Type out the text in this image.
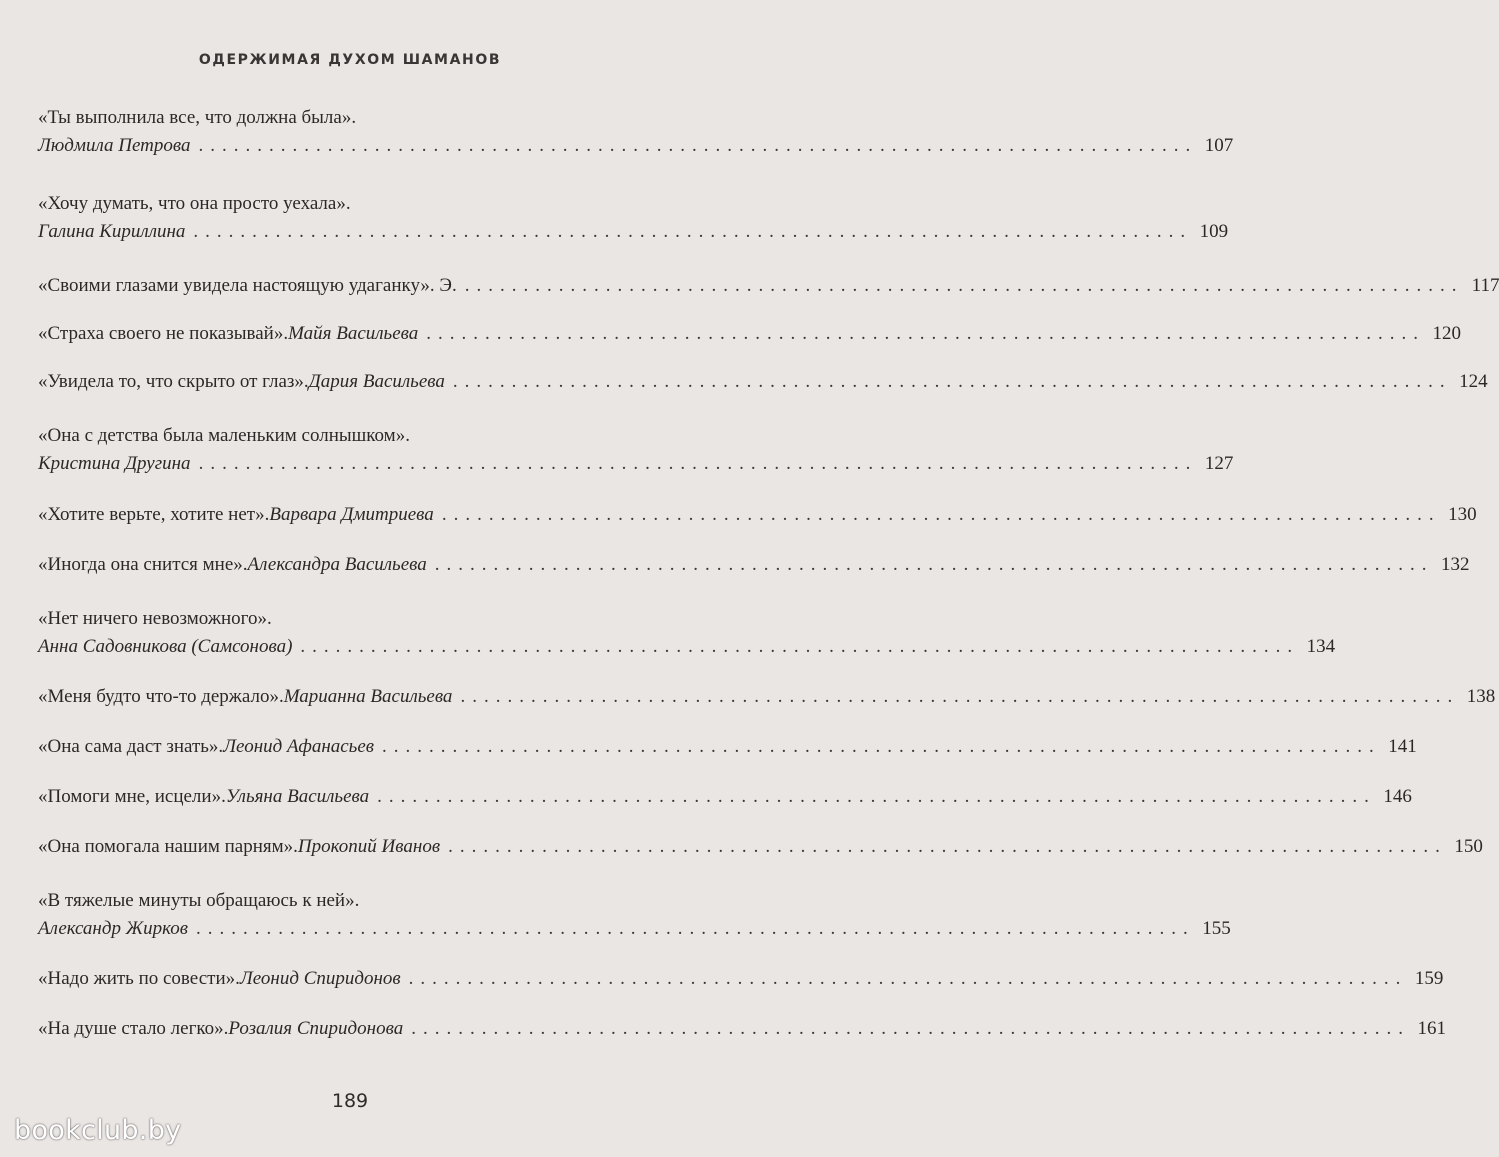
ОДЕРЖИМАЯ ДУХОМ ШАМАНОВ
«Ты выполнила все, что должна была».
Людмила Петрова ..................................................................................... 107
«Хочу думать, что она просто уехала».
Галина Кириллина ..................................................................................... 109
«Своими глазами увидела настоящую удаганку». Э. ..................................................................................... 117
«Страха своего не показывай». Майя Васильева ..................................................................................... 120
«Увидела то, что скрыто от глаз». Дария Васильева ..................................................................................... 124
«Она с детства была маленьким солнышком».
Кристина Другина ..................................................................................... 127
«Хотите верьте, хотите нет». Варвара Дмитриева ..................................................................................... 130
«Иногда она снится мне». Александра Васильева ..................................................................................... 132
«Нет ничего невозможного».
Анна Садовникова (Самсонова) ..................................................................................... 134
«Меня будто что-то держало». Марианна Васильева ..................................................................................... 138
«Она сама даст знать». Леонид Афанасьев ..................................................................................... 141
«Помоги мне, исцели». Ульяна Васильева ..................................................................................... 146
«Она помогала нашим парням». Прокопий Иванов ..................................................................................... 150
«В тяжелые минуты обращаюсь к ней».
Александр Жирков ..................................................................................... 155
«Надо жить по совести». Леонид Спиридонов ..................................................................................... 159
«На душе стало легко». Розалия Спиридонова ..................................................................................... 161
189
bookclub.by
